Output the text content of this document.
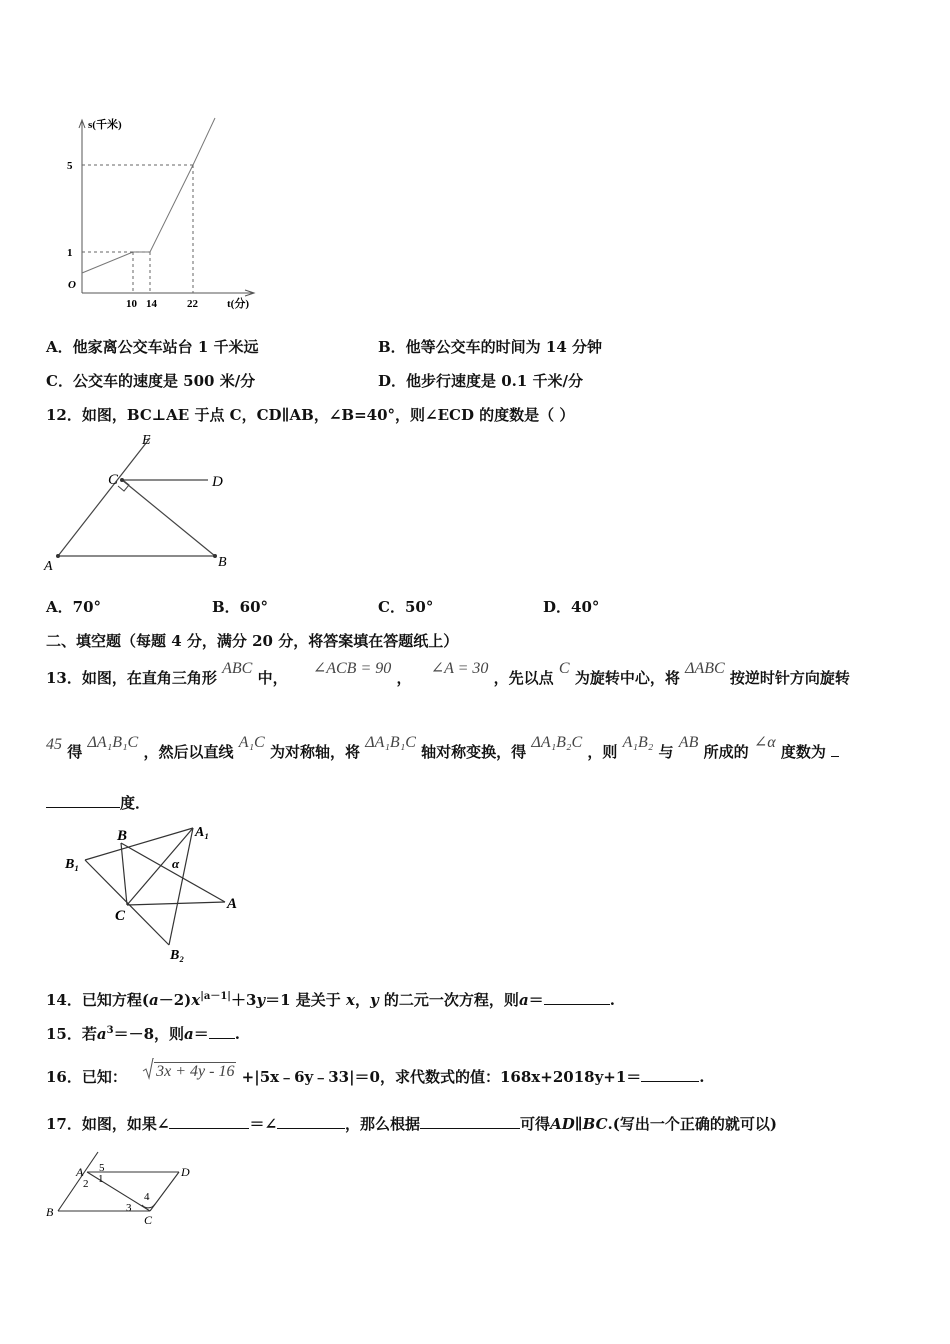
s(千米)
5
1
O
10 14	22	t(分)
A．他家离公交车站台 1 千米远	B．他等公交车的时间为 14 分钟
C．公交车的速度是 500 米/分	D．他步行速度是 0.1 千米/分
12．如图，BC⊥AE 于点 C，CD∥AB，∠B=40°，则∠ECD 的度数是（ ）
E
C	D
A	B
A．70°	B．60°	C．50°	D．40°
二、填空题（每题 4 分，满分 20 分，将答案填在答题纸上）
13．如图，在直角三角形 ABC 中， ∠ACB = 90 ， ∠A = 30 ，先以点 C 为旋转中心，将 ΔABC 按逆时针方向旋转
45 得 ΔA₁B₁C ，然后以直线 A₁C 为对称轴，将 ΔA₁B₁C 轴对称变换，得 ΔA₁B₂C ，则 A₁B₂ 与 AB 所成的 ∠α 度数为
度．
B	A₁
B₁	α
A
C
B₂
14．已知方程$(a-2)x^{|a-1|}+3y=1$ 是关于 x，y 的二元一次方程，则a＝	.
15．若$a^3=-8$，则a＝ .
16．已知： 3x + 4y - 16 +|5x﹣6y﹣33|＝0，求代数式的值：168x+2018y+1＝	.
17．如图，如果∠	＝∠	，那么根据	可得AD∥BC.(写出一个正确的就可以)
A	D
B
C
5
1
2
3
4
